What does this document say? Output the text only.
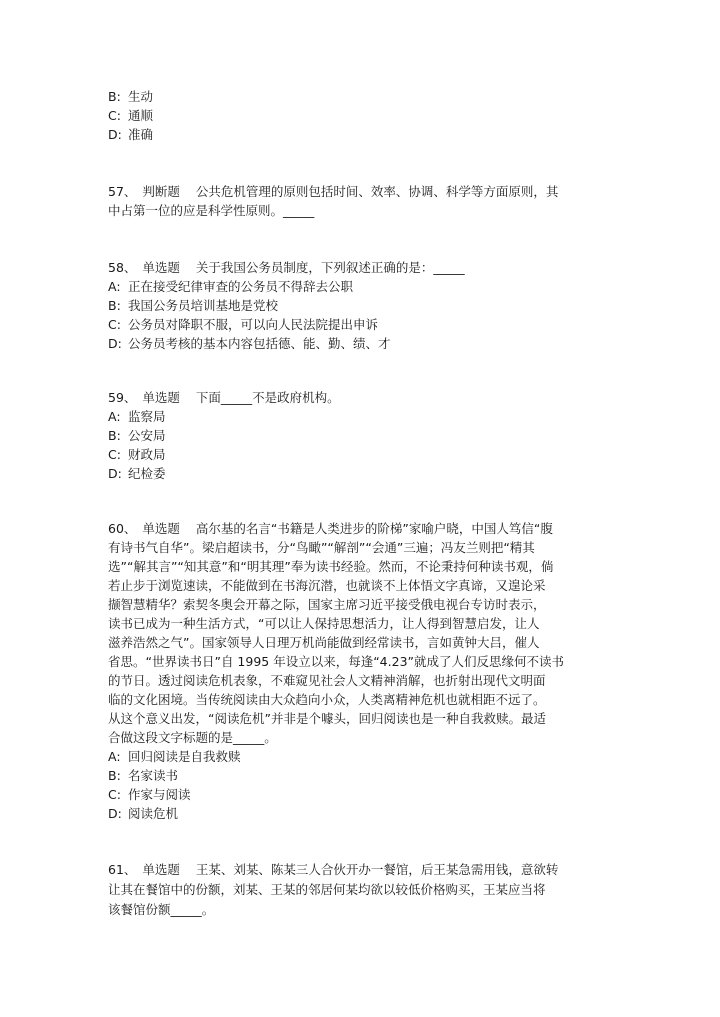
B: 生动
C: 通顺
D: 准确
57、 判断题 公共危机管理的原则包括时间、效率、协调、科学等方面原则，其
中占第一位的应是科学性原则。_____
58、 单选题 关于我国公务员制度，下列叙述正确的是：_____
A: 正在接受纪律审查的公务员不得辞去公职
B: 我国公务员培训基地是党校
C: 公务员对降职不服，可以向人民法院提出申诉
D: 公务员考核的基本内容包括德、能、勤、绩、才
59、 单选题 下面_____不是政府机构。
A: 监察局
B: 公安局
C: 财政局
D: 纪检委
60、 单选题 高尔基的名言“书籍是人类进步的阶梯”家喻户晓，中国人笃信“腹
有诗书气自华”。梁启超读书，分“鸟瞰”“解剖”“会通”三遍；冯友兰则把“精其
选”“解其言”“知其意”和“明其理”奉为读书经验。然而，不论秉持何种读书观，倘
若止步于浏览速读，不能做到在书海沉潜，也就谈不上体悟文字真谛，又遑论采
撷智慧精华？索契冬奥会开幕之际，国家主席习近平接受俄电视台专访时表示，
读书已成为一种生活方式，“可以让人保持思想活力，让人得到智慧启发，让人
滋养浩然之气”。国家领导人日理万机尚能做到经常读书，言如黄钟大吕，催人
省思。“世界读书日”自 1995 年设立以来，每逢“4.23”就成了人们反思缘何不读书
的节日。透过阅读危机表象，不难窥见社会人文精神消解，也折射出现代文明面
临的文化困境。当传统阅读由大众趋向小众，人类离精神危机也就相距不远了。
从这个意义出发，“阅读危机”并非是个噱头，回归阅读也是一种自我救赎。最适
合做这段文字标题的是_____。
A: 回归阅读是自我救赎
B: 名家读书
C: 作家与阅读
D: 阅读危机
61、 单选题 王某、刘某、陈某三人合伙开办一餐馆，后王某急需用钱，意欲转
让其在餐馆中的份额，刘某、王某的邻居何某均欲以较低价格购买，王某应当将
该餐馆份额_____。
